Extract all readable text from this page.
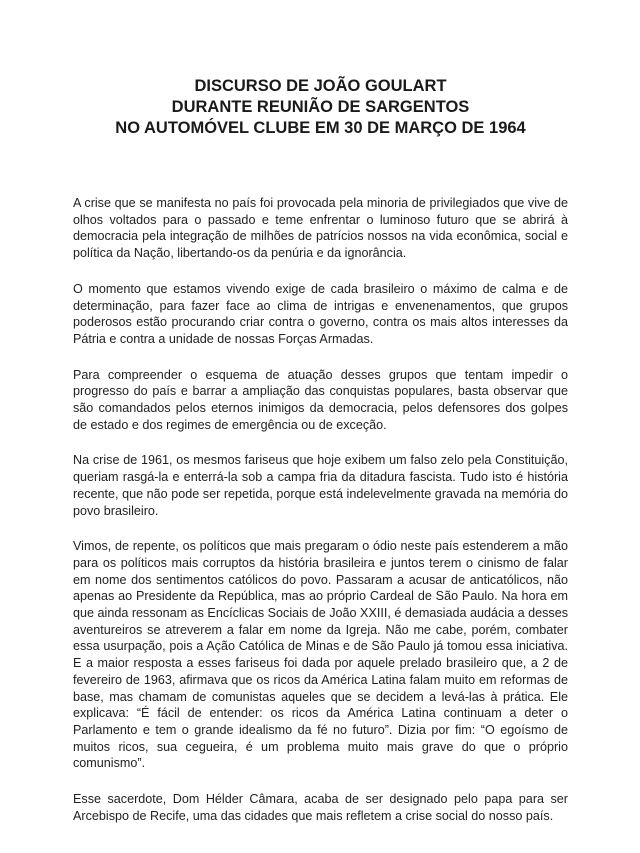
DISCURSO DE JOÃO GOULART
DURANTE REUNIÃO DE SARGENTOS
NO AUTOMÓVEL CLUBE EM 30 DE MARÇO DE 1964

A crise que se manifesta no país foi provocada pela minoria de privilegiados que vive de olhos voltados para o passado e teme enfrentar o luminoso futuro que se abrirá à democracia pela integração de milhões de patrícios nossos na vida econômica, social e política da Nação, libertando-os da penúria e da ignorância.

O momento que estamos vivendo exige de cada brasileiro o máximo de calma e de determinação, para fazer face ao clima de intrigas e envenenamentos, que grupos poderosos estão procurando criar contra o governo, contra os mais altos interesses da Pátria e contra a unidade de nossas Forças Armadas.

Para compreender o esquema de atuação desses grupos que tentam impedir o progresso do país e barrar a ampliação das conquistas populares, basta observar que são comandados pelos eternos inimigos da democracia, pelos defensores dos golpes de estado e dos regimes de emergência ou de exceção.

Na crise de 1961, os mesmos fariseus que hoje exibem um falso zelo pela Constituição, queriam rasgá-la e enterrá-la sob a campa fria da ditadura fascista. Tudo isto é história recente, que não pode ser repetida, porque está indelevelmente gravada na memória do povo brasileiro.

Vimos, de repente, os políticos que mais pregaram o ódio neste país estenderem a mão para os políticos mais corruptos da história brasileira e juntos terem o cinismo de falar em nome dos sentimentos católicos do povo. Passaram a acusar de anticatólicos, não apenas ao Presidente da República, mas ao próprio Cardeal de São Paulo. Na hora em que ainda ressonam as Encíclicas Sociais de João XXIII, é demasiada audácia a desses aventureiros se atreverem a falar em nome da Igreja. Não me cabe, porém, combater essa usurpação, pois a Ação Católica de Minas e de São Paulo já tomou essa iniciativa. E a maior resposta a esses fariseus foi dada por aquele prelado brasileiro que, a 2 de fevereiro de 1963, afirmava que os ricos da América Latina falam muito em reformas de base, mas chamam de comunistas aqueles que se decidem a levá-las à prática. Ele explicava: “É fácil de entender: os ricos da América Latina continuam a deter o Parlamento e tem o grande idealismo da fé no futuro”. Dizia por fim: “O egoísmo de muitos ricos, sua cegueira, é um problema muito mais grave do que o próprio comunismo”.

Esse sacerdote, Dom Hélder Câmara, acaba de ser designado pelo papa para ser Arcebispo de Recife, uma das cidades que mais refletem a crise social do nosso país.
